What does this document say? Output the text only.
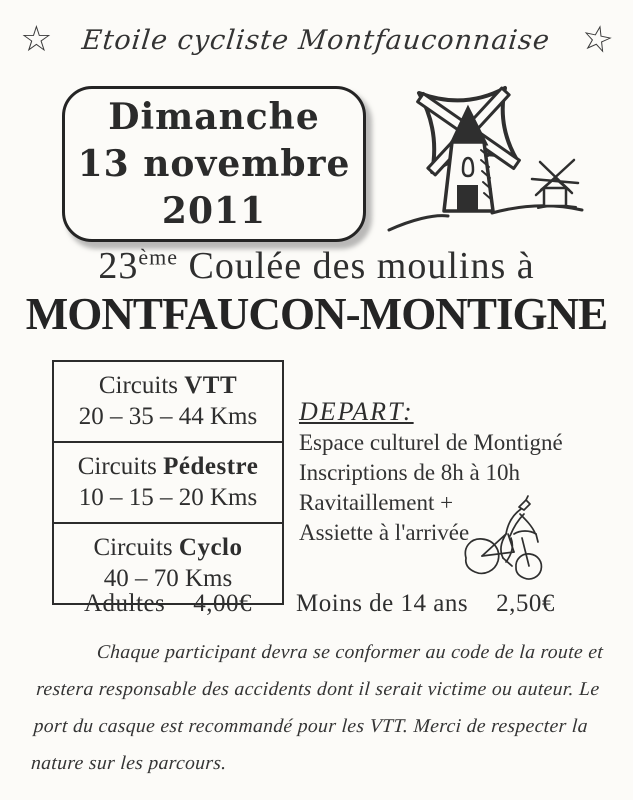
☆ Etoile cycliste Montfauconnaise ☆
Dimanche
13 novembre
2011
23ème Coulée des moulins à
MONTFAUCON-MONTIGNE
Circuits VTT
20 – 35 – 44 Kms
Circuits Pédestre
10 – 15 – 20 Kms
Circuits Cyclo
40 – 70 Kms
DEPART:
Espace culturel de Montigné
Inscriptions de 8h à 10h
Ravitaillement +
Assiette à l'arrivée
Adultes 4,00€ Moins de 14 ans 2,50€
Chaque participant devra se conformer au code de la route et restera responsable des accidents dont il serait victime ou auteur. Le port du casque est recommandé pour les VTT. Merci de respecter la nature sur les parcours.
